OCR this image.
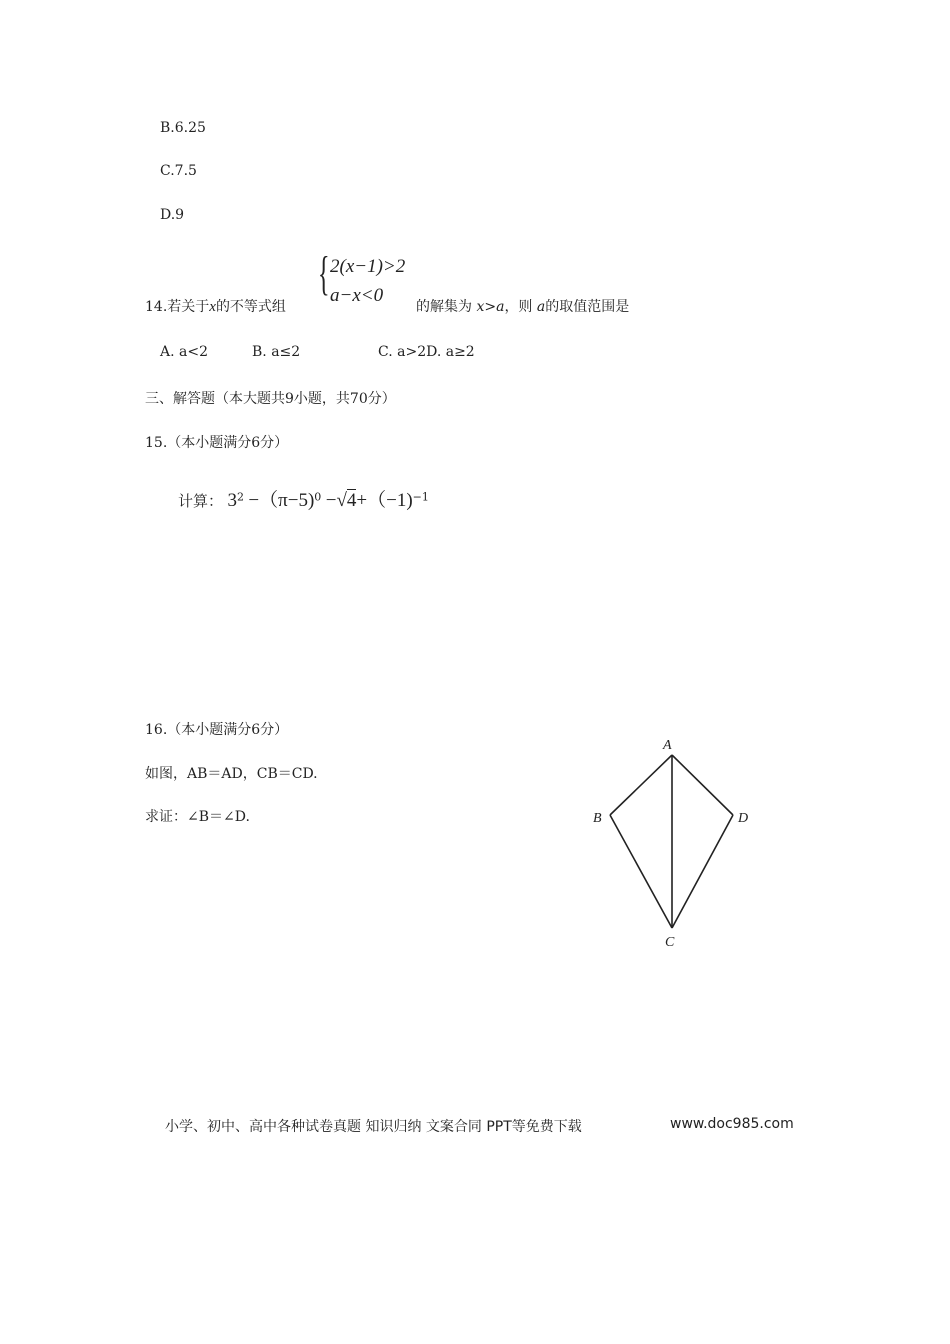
B.6.25
C.7.5
D.9
14.若关于x的不等式组
{ 2(x−1)>2
a−x<0
的解集为 x>a，则 a的取值范围是
A. a<2	B. a≤2	C. a>2D. a≥2
三、解答题（本大题共9小题，共70分）
15.（本小题满分6分）
计算： $3^2 -(\pi-5)^0 -√4+(-1)^{-1}$
16.（本小题满分6分）
如图，AB＝AD，CB＝CD.
求证：∠B＝∠D.
A
B	D
C
小学、初中、高中各种试卷真题 知识归纳 文案合同 PPT等免费下载	www.doc985.com
